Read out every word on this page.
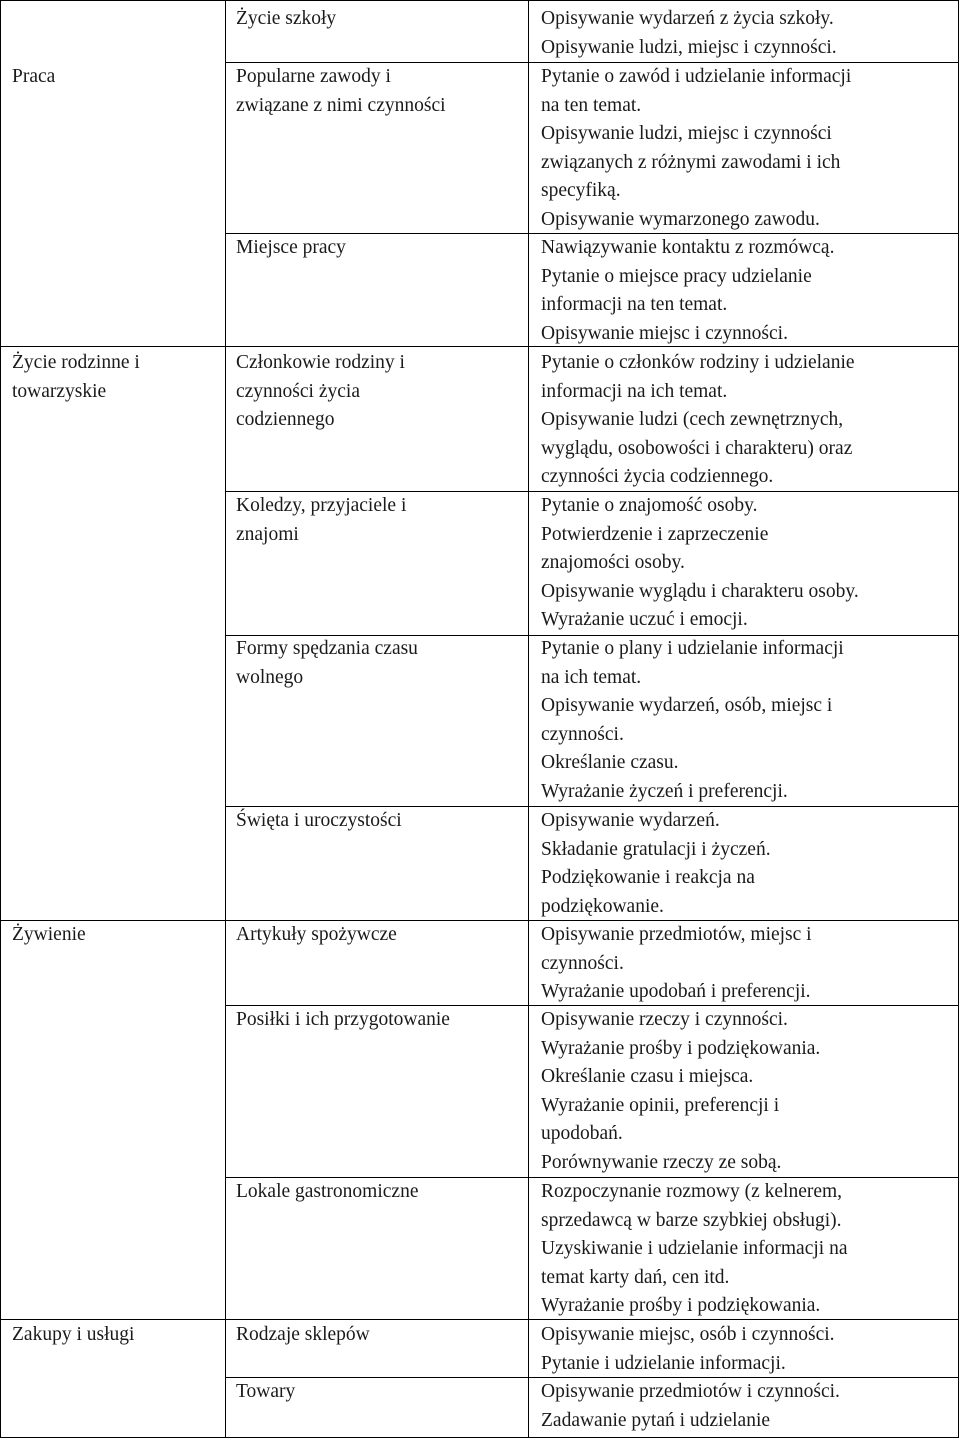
Praca
Życie rodzinne i
towarzyskie
Żywienie
Zakupy i usługi
Życie szkoły
Popularne zawody i
związane z nimi czynności
Miejsce pracy
Członkowie rodziny i
czynności życia
codziennego
Koledzy, przyjaciele i
znajomi
Formy spędzania czasu
wolnego
Święta i uroczystości
Artykuły spożywcze
Posiłki i ich przygotowanie
Lokale gastronomiczne
Rodzaje sklepów
Towary
Opisywanie wydarzeń z życia szkoły.
Opisywanie ludzi, miejsc i czynności.
Pytanie o zawód i udzielanie informacji
na ten temat.
Opisywanie ludzi, miejsc i czynności
związanych z różnymi zawodami i ich
specyfiką.
Opisywanie wymarzonego zawodu.
Nawiązywanie kontaktu z rozmówcą.
Pytanie o miejsce pracy udzielanie
informacji na ten temat.
Opisywanie miejsc i czynności.
Pytanie o członków rodziny i udzielanie
informacji na ich temat.
Opisywanie ludzi (cech zewnętrznych,
wyglądu, osobowości i charakteru) oraz
czynności życia codziennego.
Pytanie o znajomość osoby.
Potwierdzenie i zaprzeczenie
znajomości osoby.
Opisywanie wyglądu i charakteru osoby.
Wyrażanie uczuć i emocji.
Pytanie o plany i udzielanie informacji
na ich temat.
Opisywanie wydarzeń, osób, miejsc i
czynności.
Określanie czasu.
Wyrażanie życzeń i preferencji.
Opisywanie wydarzeń.
Składanie gratulacji i życzeń.
Podziękowanie i reakcja na
podziękowanie.
Opisywanie przedmiotów, miejsc i
czynności.
Wyrażanie upodobań i preferencji.
Opisywanie rzeczy i czynności.
Wyrażanie prośby i podziękowania.
Określanie czasu i miejsca.
Wyrażanie opinii, preferencji i
upodobań.
Porównywanie rzeczy ze sobą.
Rozpoczynanie rozmowy (z kelnerem,
sprzedawcą w barze szybkiej obsługi).
Uzyskiwanie i udzielanie informacji na
temat karty dań, cen itd.
Wyrażanie prośby i podziękowania.
Opisywanie miejsc, osób i czynności.
Pytanie i udzielanie informacji.
Opisywanie przedmiotów i czynności.
Zadawanie pytań i udzielanie
